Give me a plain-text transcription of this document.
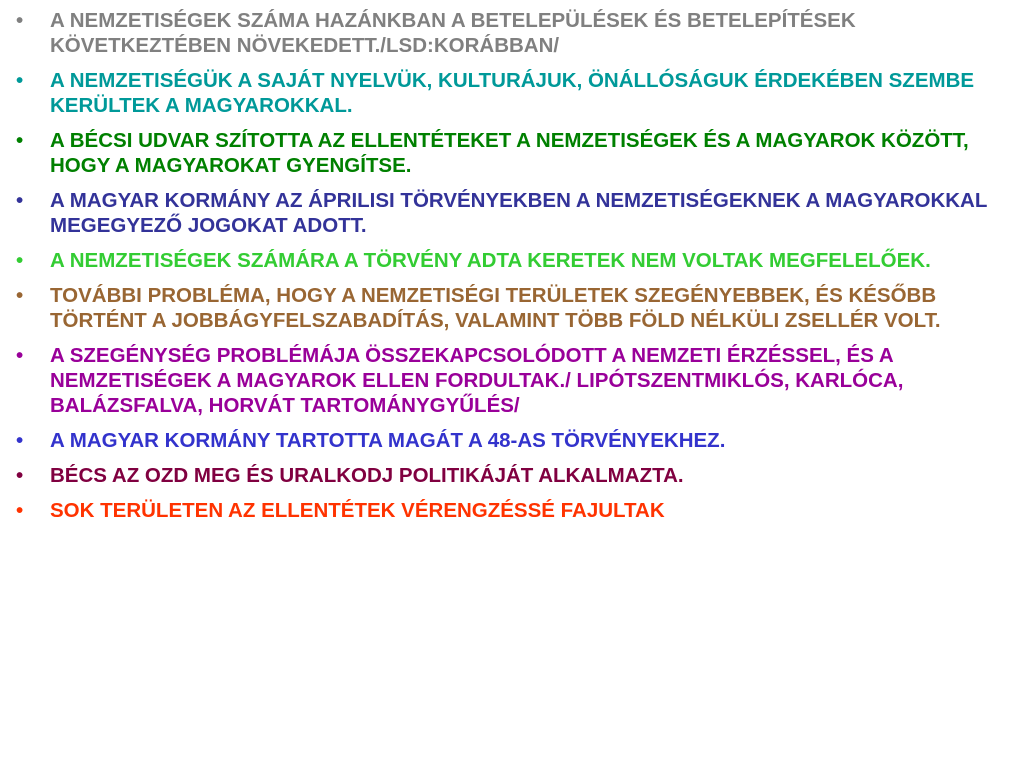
•	A NEMZETISÉGEK SZÁMA HAZÁNKBAN A BETELEPÜLÉSEK ÉS BETELEPÍTÉSEK KÖVETKEZTÉBEN NÖVEKEDETT./LSD:KORÁBBAN/
•	A NEMZETISÉGÜK A SAJÁT NYELVÜK, KULTURÁJUK, ÖNÁLLÓSÁGUK ÉRDEKÉBEN SZEMBE KERÜLTEK A MAGYAROKKAL.
•	A BÉCSI UDVAR SZÍTOTTA AZ ELLENTÉTEKET A NEMZETISÉGEK ÉS A MAGYAROK KÖZÖTT, HOGY A MAGYAROKAT GYENGÍTSE.
•	A MAGYAR KORMÁNY AZ ÁPRILISI TÖRVÉNYEKBEN A NEMZETISÉGEKNEK A MAGYAROKKAL MEGEGYEZŐ JOGOKAT ADOTT.
•	A NEMZETISÉGEK SZÁMÁRA A TÖRVÉNY ADTA KERETEK NEM VOLTAK MEGFELELŐEK.
•	TOVÁBBI PROBLÉMA, HOGY A NEMZETISÉGI TERÜLETEK SZEGÉNYEBBEK, ÉS KÉSŐBB TÖRTÉNT A JOBBÁGYFELSZABADÍTÁS, VALAMINT TÖBB FÖLD NÉLKÜLI ZSELLÉR VOLT.
•	A SZEGÉNYSÉG PROBLÉMÁJA ÖSSZEKAPCSOLÓDOTT A NEMZETI ÉRZÉSSEL, ÉS A NEMZETISÉGEK A MAGYAROK ELLEN FORDULTAK./ LIPÓTSZENTMIKLÓS, KARLÓCA, BALÁZSFALVA, HORVÁT TARTOMÁNYGYŰLÉS/
•	A MAGYAR KORMÁNY TARTOTTA MAGÁT A 48-AS TÖRVÉNYEKHEZ.
•	BÉCS AZ OZD MEG ÉS URALKODJ POLITIKÁJÁT ALKALMAZTA.
•	SOK TERÜLETEN AZ ELLENTÉTEK VÉRENGZÉSSÉ FAJULTAK
